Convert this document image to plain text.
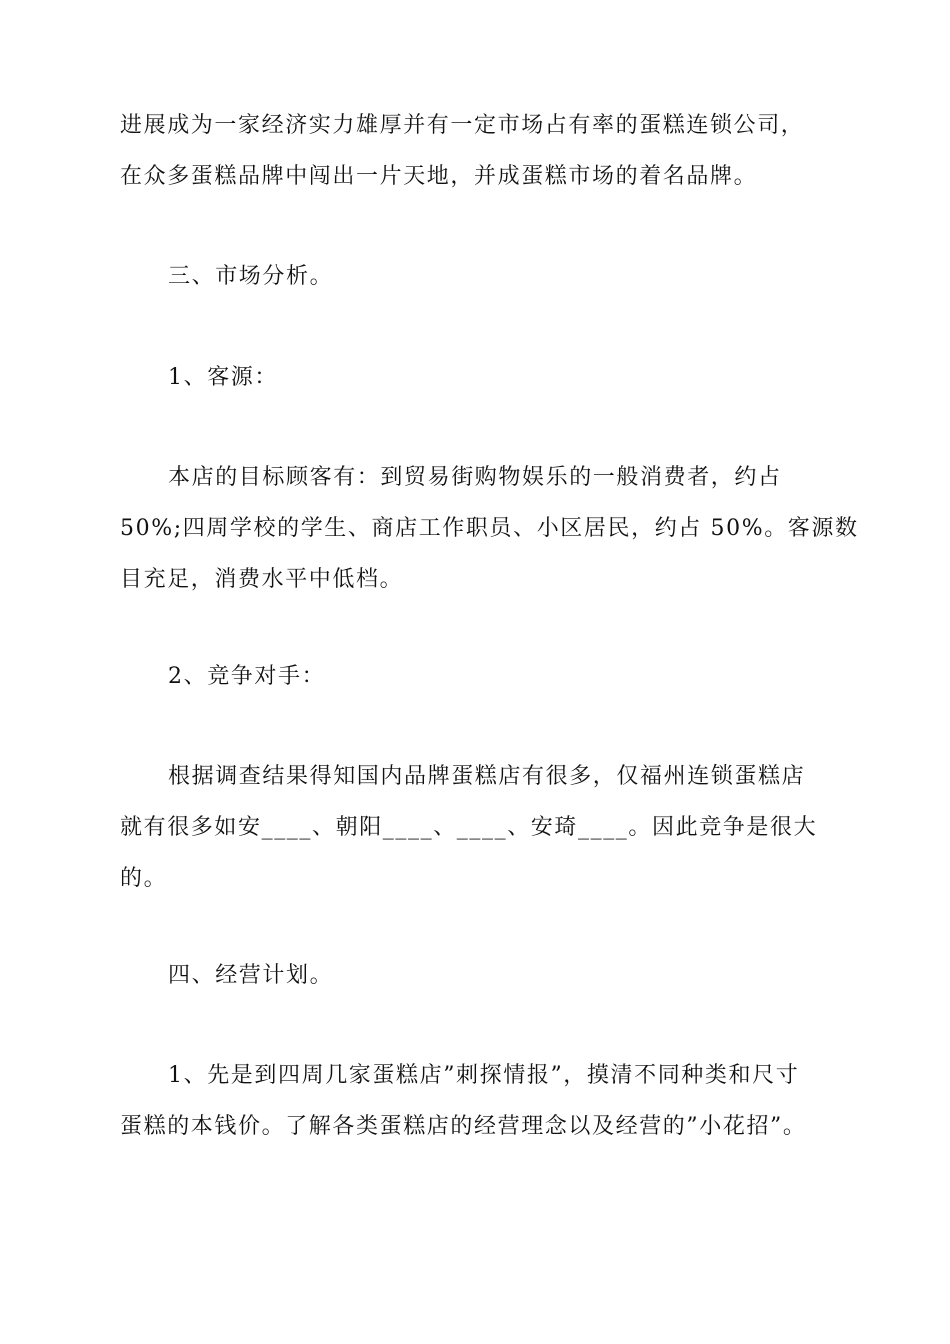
进展成为一家经济实力雄厚并有一定市场占有率的蛋糕连锁公司，
在众多蛋糕品牌中闯出一片天地，并成蛋糕市场的着名品牌。

三、市场分析。

1、客源：

本店的目标顾客有：到贸易街购物娱乐的一般消费者，约占
50%;四周学校的学生、商店工作职员、小区居民，约占 50%。客源数
目充足，消费水平中低档。

2、竞争对手：

根据调查结果得知国内品牌蛋糕店有很多，仅福州连锁蛋糕店
就有很多如安____、朝阳____、____、安琦____。因此竞争是很大
的。

四、经营计划。

1、先是到四周几家蛋糕店”刺探情报”，摸清不同种类和尺寸
蛋糕的本钱价。了解各类蛋糕店的经营理念以及经营的”小花招”。
